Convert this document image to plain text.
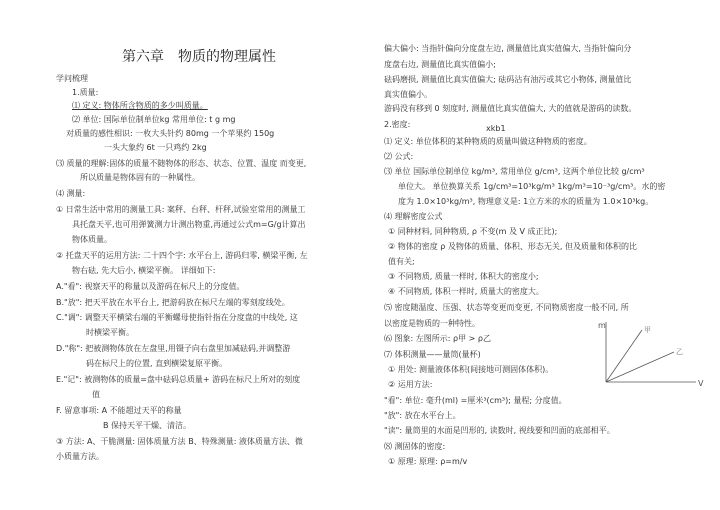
第六章　物质的物理属性
学问梳理
1.质量:
⑴ 定义: 物体所含物质的多少叫质量。
⑵ 单位: 国际单位制单位kg 常用单位: t g mg
对质量的感性相识: 一枚大头针约 80mg 一个苹果约 150g
一头大象约 6t 一只鸡约 2kg
⑶ 质量的理解:固体的质量不随物体的形态、状态、位置、温度 而变更,
所以质量是物体固有的一种属性。
⑷ 测量:
① 日常生活中常用的测量工具: 案秤、台秤、杆秤,试验室常用的测量工
具托盘天平,也可用弹簧测力计测出物重,再通过公式m=G/g计算出
物体质量。
② 托盘天平的运用方法: 二十四个字: 水平台上, 游码归零, 横梁平衡, 左
物右砝, 先大后小, 横梁平衡。 详细如下:
A."看": 视察天平的称量以及游码在标尺上的分度值。
B."放": 把天平放在水平台上, 把游码放在标尺左端的零刻度线处。
C."调": 调整天平横梁右端的平衡螺母使指针指在分度盘的中线处, 这
时横梁平衡。
D."称": 把被测物体放在左盘里,用镊子向右盘里加减砝码,并调整游
码在标尺上的位置, 直到横梁复原平衡。
E."记": 被测物体的质量=盘中砝码总质量+ 游码在标尺上所对的刻度
值
F. 留意事项: A 不能超过天平的称量
B 保持天平干燥、清洁。
③ 方法: A、干脆测量: 固体质量方法 B、特殊测量: 液体质量方法、微
小质量方法。
偏大偏小: 当指针偏向分度盘左边, 测量值比真实值偏大, 当指针偏向分
度盘右边, 测量值比真实值偏小;
砝码磨损, 测量值比真实值偏大; 砝码沾有油污或其它小物体, 测量值比
真实值偏小。
游码没有移到 0 刻度时, 测量值比真实值偏大, 大的值就是游码的读数。
2.密度:	xkb1
⑴ 定义: 单位体积的某种物质的质量叫做这种物质的密度。
⑵ 公式:
⑶ 单位 国际单位制单位 kg/m³, 常用单位 g/cm³, 这两个单位比较 g/cm³
单位大。 单位换算关系 1g/cm³=10³kg/m³ 1kg/m³=10⁻³g/cm³。水的密
度为 1.0×10³kg/m³, 物理意义是: 1立方米的水的质量为 1.0×10³kg。
⑷ 理解密度公式
① 同种材料, 同种物质, ρ 不变(m 及 V 成正比);
② 物体的密度 ρ 及物体的质量、体积、形态无关, 但及质量和体积的比
值有关;
③ 不同物质, 质量一样时, 体积大的密度小;
④ 不同物质, 体积一样时, 质量大的密度大。
⑸ 密度随温度、压强、状态等变更而变更, 不同物质密度一般不同, 所
以密度是物质的一种特性。
⑹ 图象: 左图所示: ρ甲 > ρ乙
⑺ 体积测量——量筒(量杯)
① 用处: 测量液体体积(间接地可测固体体积)。
② 运用方法:
"看": 单位: 毫升(ml) =厘米³(cm³); 量程; 分度值。
"放": 放在水平台上。
"读": 量筒里的水面是凹形的, 读数时, 视线要和凹面的底部相平。
⑻ 测固体的密度:
① 原理: 原理: ρ=m/v
m
V
甲
乙
